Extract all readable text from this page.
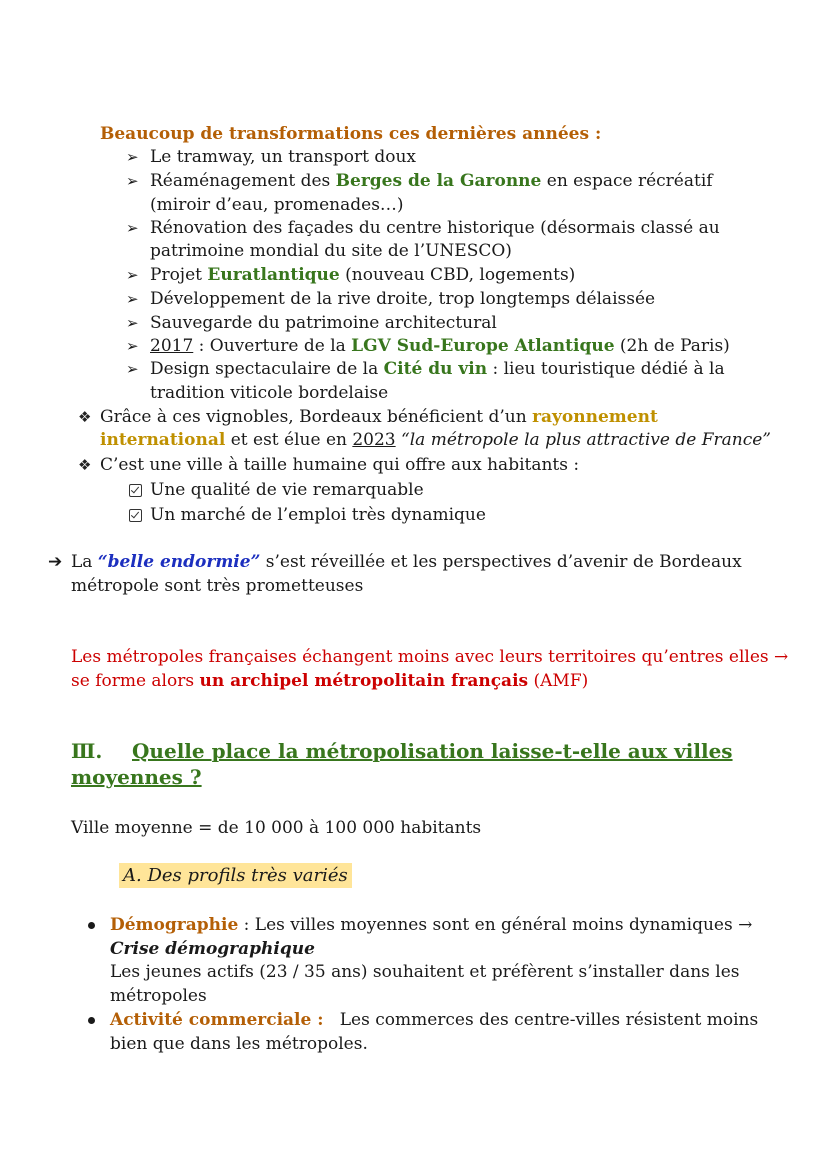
Beaucoup de transformations ces dernières années :
➢ Le tramway, un transport doux
➢ Réaménagement des Berges de la Garonne en espace récréatif
(miroir d’eau, promenades…)
➢ Rénovation des façades du centre historique (désormais classé au
patrimoine mondial du site de l’UNESCO)
➢ Projet Euratlantique (nouveau CBD, logements)
➢ Développement de la rive droite, trop longtemps délaissée
➢ Sauvegarde du patrimoine architectural
➢ 2017 : Ouverture de la LGV Sud-Europe Atlantique (2h de Paris)
➢ Design spectaculaire de la Cité du vin : lieu touristique dédié à la
tradition viticole bordelaise
❖ Grâce à ces vignobles, Bordeaux bénéficient d’un rayonnement
international et est élue en 2023 “la métropole la plus attractive de France”
❖ C’est une ville à taille humaine qui offre aux habitants :
Une qualité de vie remarquable
Un marché de l’emploi très dynamique
➔ La “belle endormie” s’est réveillée et les perspectives d’avenir de Bordeaux
métropole sont très prometteuses
Les métropoles françaises échangent moins avec leurs territoires qu’entres elles →
se forme alors un archipel métropolitain français (AMF)
Ⅲ. Quelle place la métropolisation laisse-t-elle aux villes
moyennes ?
Ville moyenne = de 10 000 à 100 000 habitants
A. Des profils très variés
Démographie : Les villes moyennes sont en général moins dynamiques →
Crise démographique
Les jeunes actifs (23 / 35 ans) souhaitent et préfèrent s’installer dans les
métropoles
Activité commerciale :   Les commerces des centre-villes résistent moins
bien que dans les métropoles.
